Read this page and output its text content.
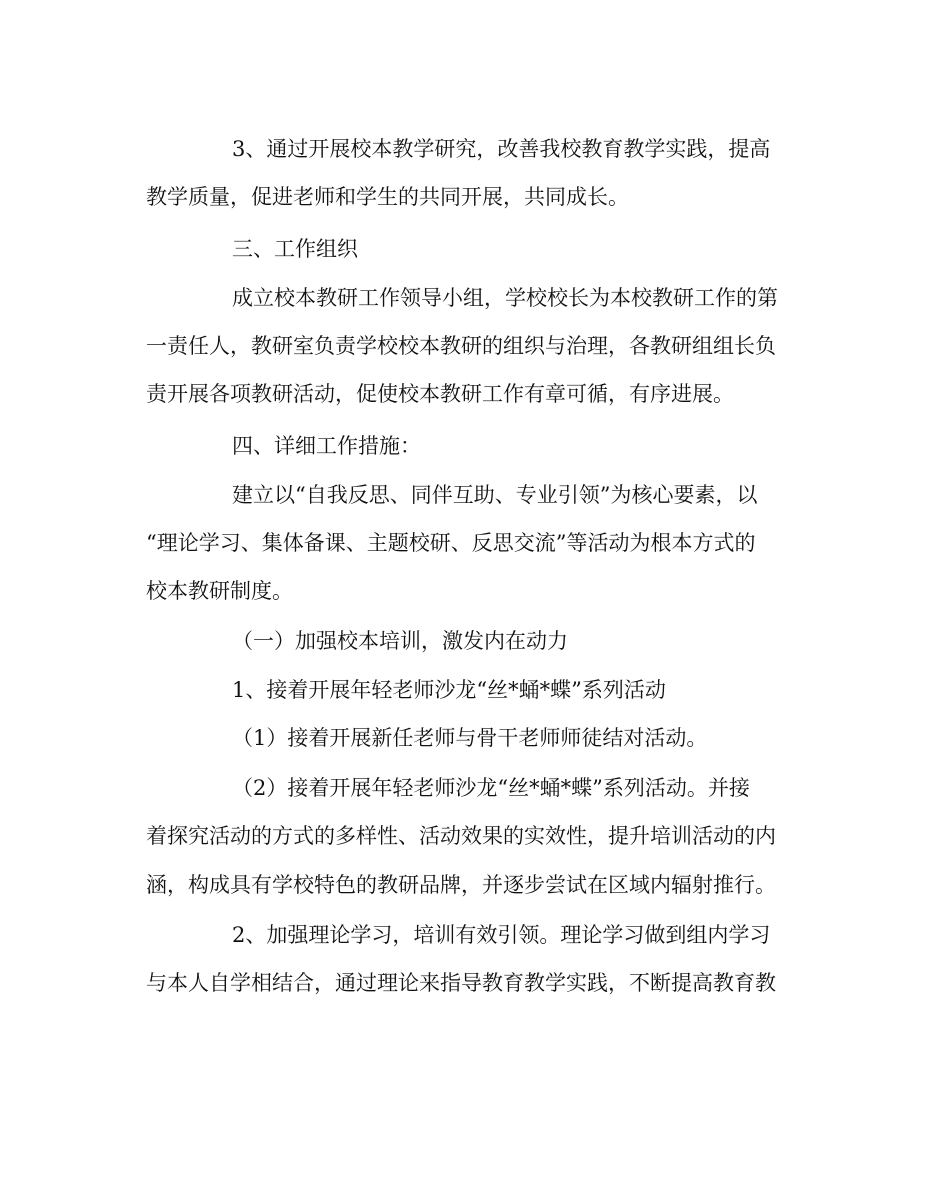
3、通过开展校本教学研究，改善我校教育教学实践，提高
教学质量，促进老师和学生的共同开展，共同成长。
三、工作组织
成立校本教研工作领导小组，学校校长为本校教研工作的第
一责任人，教研室负责学校校本教研的组织与治理，各教研组组长负
责开展各项教研活动，促使校本教研工作有章可循，有序进展。
四、详细工作措施：
建立以“自我反思、同伴互助、专业引领”为核心要素，以
“理论学习、集体备课、主题校研、反思交流”等活动为根本方式的
校本教研制度。
（一）加强校本培训，激发内在动力
1、接着开展年轻老师沙龙“丝*蛹*蝶”系列活动
（1）接着开展新任老师与骨干老师师徒结对活动。
（2）接着开展年轻老师沙龙“丝*蛹*蝶”系列活动。并接
着探究活动的方式的多样性、活动效果的实效性，提升培训活动的内
涵，构成具有学校特色的教研品牌，并逐步尝试在区域内辐射推行。
2、加强理论学习，培训有效引领。理论学习做到组内学习
与本人自学相结合，通过理论来指导教育教学实践，不断提高教育教
